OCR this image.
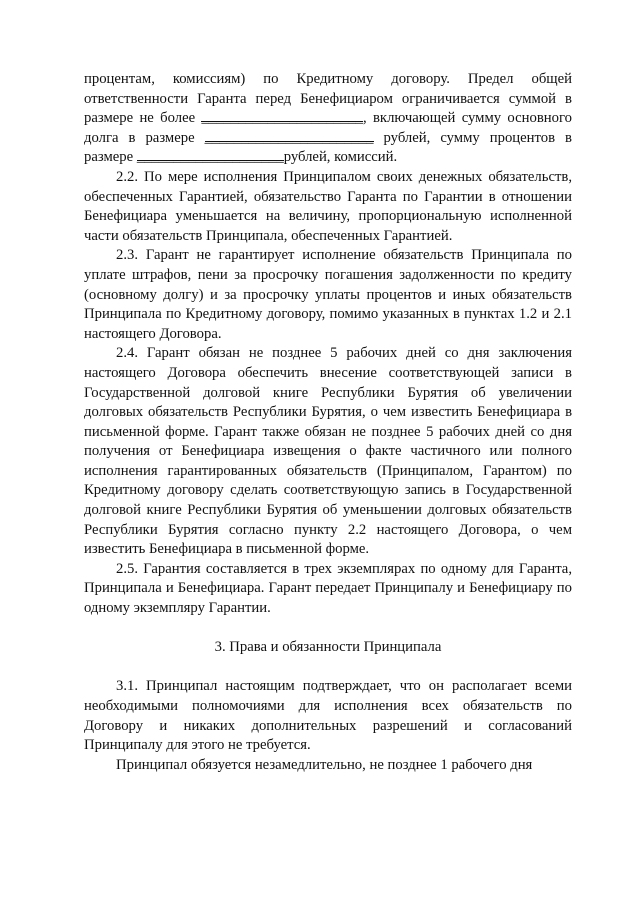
процентам, комиссиям) по Кредитному договору. Предел общей ответственности Гаранта перед Бенефициаром ограничивается суммой в размере не более ______________________, включающей сумму основного долга в размере _______________________ рублей, сумму процентов в размере ____________________рублей, комиссий.

2.2. По мере исполнения Принципалом своих денежных обязательств, обеспеченных Гарантией, обязательство Гаранта по Гарантии в отношении Бенефициара уменьшается на величину, пропорциональную исполненной части обязательств Принципала, обеспеченных Гарантией.

2.3. Гарант не гарантирует исполнение обязательств Принципала по уплате штрафов, пени за просрочку погашения задолженности по кредиту (основному долгу) и за просрочку уплаты процентов и иных обязательств Принципала по Кредитному договору, помимо указанных в пунктах 1.2 и 2.1 настоящего Договора.

2.4. Гарант обязан не позднее 5 рабочих дней со дня заключения настоящего Договора обеспечить внесение соответствующей записи в Государственной долговой книге Республики Бурятия об увеличении долговых обязательств Республики Бурятия, о чем известить Бенефициара в письменной форме. Гарант также обязан не позднее 5 рабочих дней со дня получения от Бенефициара извещения о факте частичного или полного исполнения гарантированных обязательств (Принципалом, Гарантом) по Кредитному договору сделать соответствующую запись в Государственной долговой книге Республики Бурятия об уменьшении долговых обязательств Республики Бурятия согласно пункту 2.2 настоящего Договора, о чем известить Бенефициара в письменной форме.

2.5. Гарантия составляется в трех экземплярах по одному для Гаранта, Принципала и Бенефициара. Гарант передает Принципалу и Бенефициару по одному экземпляру Гарантии.

3. Права и обязанности Принципала

3.1. Принципал настоящим подтверждает, что он располагает всеми необходимыми полномочиями для исполнения всех обязательств по Договору и никаких дополнительных разрешений и согласований Принципалу для этого не требуется.

Принципал обязуется незамедлительно, не позднее 1 рабочего дня
